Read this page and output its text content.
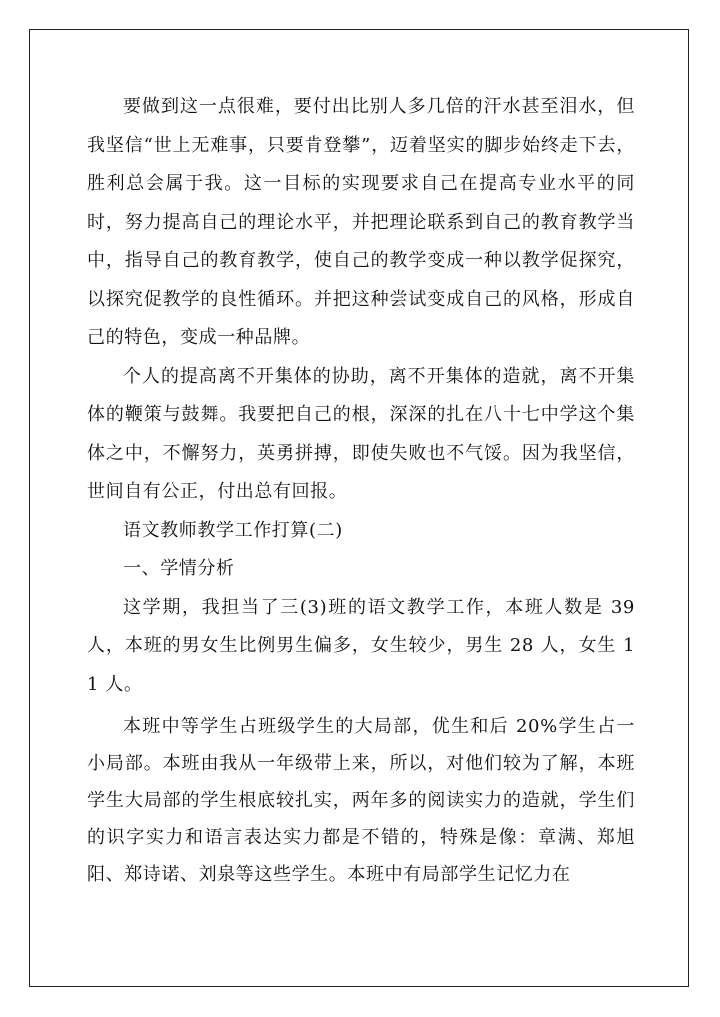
要做到这一点很难，要付出比别人多几倍的汗水甚至泪水，但我坚信“世上无难事，只要肯登攀”，迈着坚实的脚步始终走下去，胜利总会属于我。这一目标的实现要求自己在提高专业水平的同时，努力提高自己的理论水平，并把理论联系到自己的教育教学当中，指导自己的教育教学，使自己的教学变成一种以教学促探究，以探究促教学的良性循环。并把这种尝试变成自己的风格，形成自己的特色，变成一种品牌。

个人的提高离不开集体的协助，离不开集体的造就，离不开集体的鞭策与鼓舞。我要把自己的根，深深的扎在八十七中学这个集体之中，不懈努力，英勇拼搏，即使失败也不气馁。因为我坚信，世间自有公正，付出总有回报。

语文教师教学工作打算(二)

一、学情分析

这学期，我担当了三(3)班的语文教学工作，本班人数是 39 人，本班的男女生比例男生偏多，女生较少，男生 28 人，女生 11 人。

本班中等学生占班级学生的大局部，优生和后 20%学生占一小局部。本班由我从一年级带上来，所以，对他们较为了解，本班学生大局部的学生根底较扎实，两年多的阅读实力的造就，学生们的识字实力和语言表达实力都是不错的，特殊是像：章满、郑旭阳、郑诗诺、刘泉等这些学生。本班中有局部学生记忆力在
